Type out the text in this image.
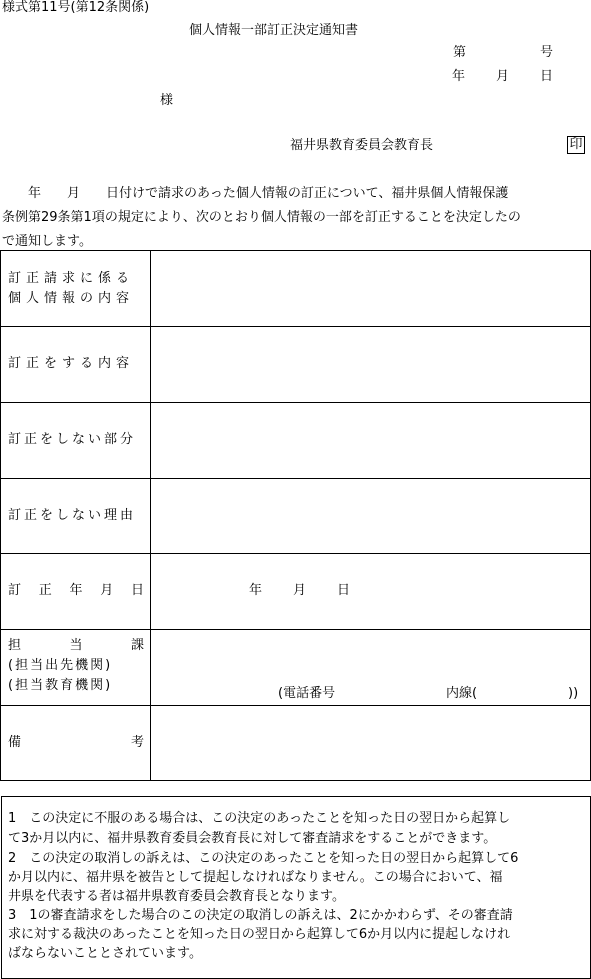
様式第11号(第12条関係)
個人情報一部訂正決定通知書
第	号
年 月 日
様
福井県教育委員会教育長	印
　　年　　月　　日付けで請求のあった個人情報の訂正について、福井県個人情報保護
条例第29条第1項の規定により、次のとおり個人情報の一部を訂正することを決定したの
で通知します。
訂正請求に係る
個人情報の内容
訂正をする内容
訂正をしない部分
訂正をしない理由
訂 正 年 月 日	年 月 日
担	当	課
(担当出先機関)
(担当教育機関)
(電話番号	内線(	))
備	考
1　この決定に不服のある場合は、この決定のあったことを知った日の翌日から起算し
て3か月以内に、福井県教育委員会教育長に対して審査請求をすることができます。
2　この決定の取消しの訴えは、この決定のあったことを知った日の翌日から起算して6
か月以内に、福井県を被告として提起しなければなりません。この場合において、福
井県を代表する者は福井県教育委員会教育長となります。
3　1の審査請求をした場合のこの決定の取消しの訴えは、2にかかわらず、その審査請
求に対する裁決のあったことを知った日の翌日から起算して6か月以内に提起しなけれ
ばならないこととされています。
